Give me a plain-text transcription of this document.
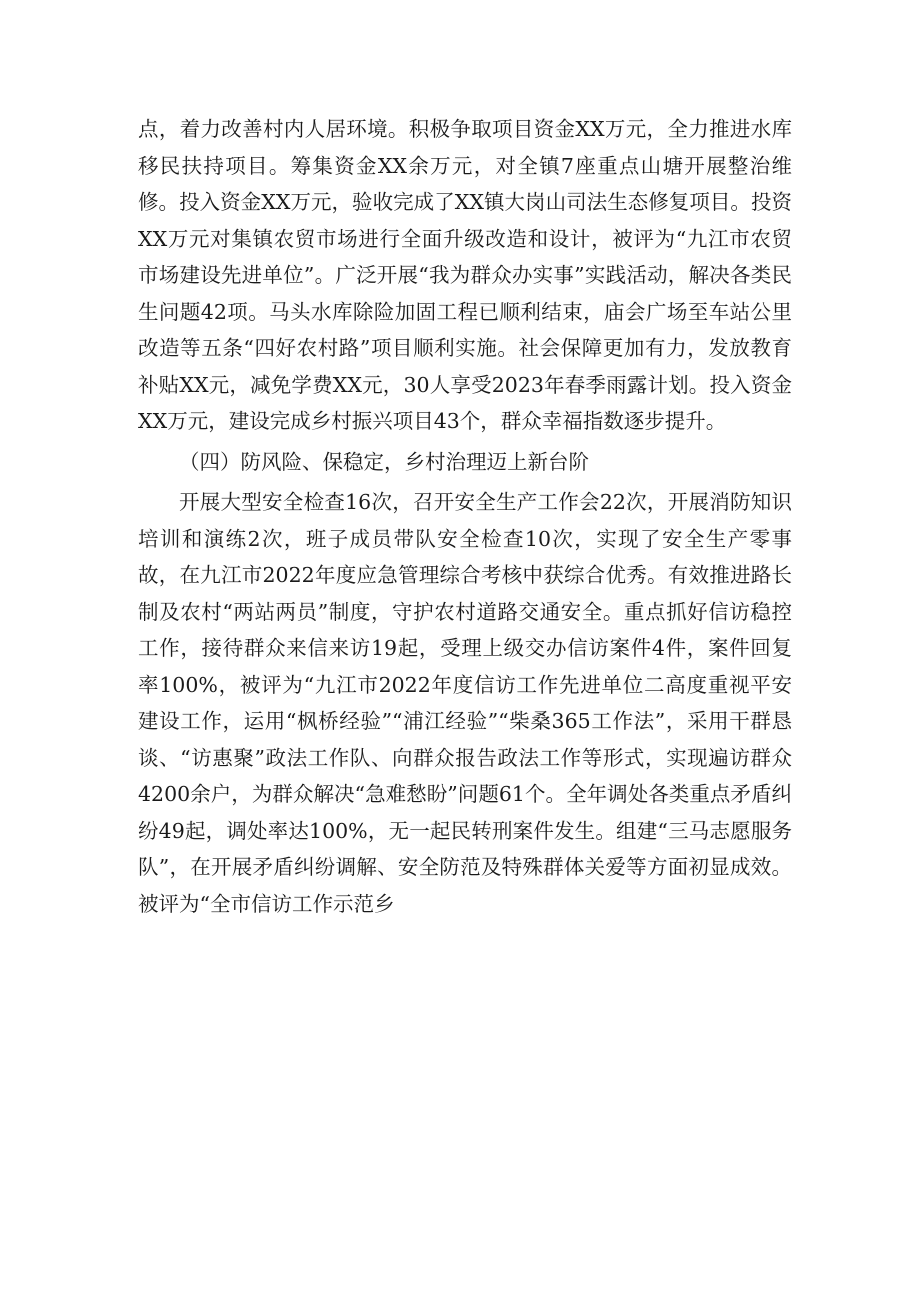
点，着力改善村内人居环境。积极争取项目资金XX万元，全力推进水库移民扶持项目。筹集资金XX余万元，对全镇7座重点山塘开展整治维修。投入资金XX万元，验收完成了XX镇大岗山司法生态修复项目。投资XX万元对集镇农贸市场进行全面升级改造和设计，被评为“九江市农贸市场建设先进单位”。广泛开展“我为群众办实事”实践活动，解决各类民生问题42项。马头水库除险加固工程已顺利结束，庙会广场至车站公里改造等五条“四好农村路”项目顺利实施。社会保障更加有力，发放教育补贴XX元，减免学费XX元，30人享受2023年春季雨露计划。投入资金XX万元，建设完成乡村振兴项目43个，群众幸福指数逐步提升。

（四）防风险、保稳定，乡村治理迈上新台阶

开展大型安全检查16次，召开安全生产工作会22次，开展消防知识培训和演练2次，班子成员带队安全检查10次，实现了安全生产零事故，在九江市2022年度应急管理综合考核中获综合优秀。有效推进路长制及农村“两站两员”制度，守护农村道路交通安全。重点抓好信访稳控工作，接待群众来信来访19起，受理上级交办信访案件4件，案件回复率100%，被评为“九江市2022年度信访工作先进单位二高度重视平安建设工作，运用“枫桥经验”“浦江经验”“柴桑365工作法”，采用干群恳谈、“访惠聚”政法工作队、向群众报告政法工作等形式，实现遍访群众4200余户，为群众解决“急难愁盼”问题61个。全年调处各类重点矛盾纠纷49起，调处率达100%，无一起民转刑案件发生。组建“三马志愿服务队”，在开展矛盾纠纷调解、安全防范及特殊群体关爱等方面初显成效。被评为“全市信访工作示范乡
